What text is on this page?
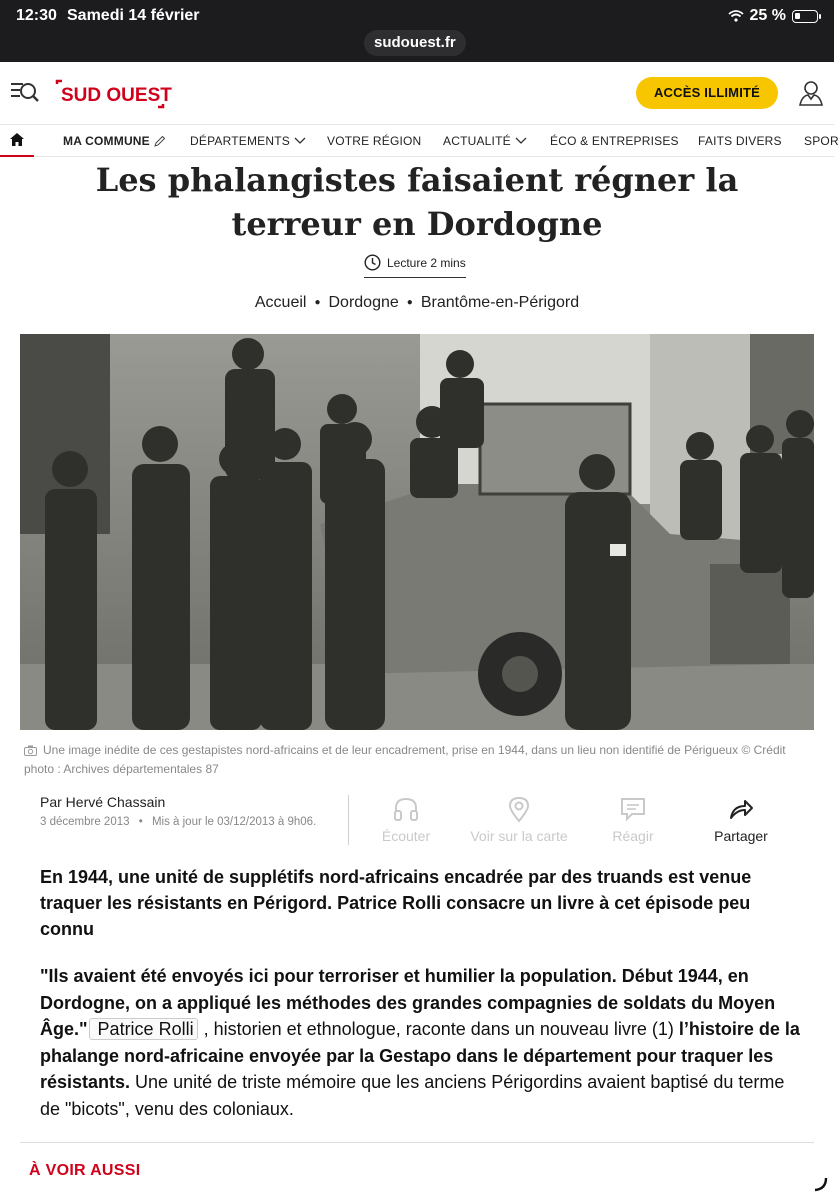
12:30 Samedi 14 février	25 %
sudouest.fr
SUD OUEST	ACCÈS ILLIMITÉ
MA COMMUNE	DÉPARTEMENTS	VOTRE RÉGION ACTUALITÉ	ÉCO & ENTREPRISES FAITS DIVERS SPOR
Les phalangistes faisaient régner la terreur en Dordogne
Lecture 2 mins
Accueil ● Dordogne ● Brantôme-en-Périgord
Une image inédite de ces gestapistes nord-africains et de leur encadrement, prise en 1944, dans un lieu non identifié de Périgueux © Crédit photo : Archives départementales 87
Par Hervé Chassain
3 décembre 2013 • Mis à jour le 03/12/2013 à 9h06.
Écouter	Voir sur la carte	Réagir	Partager

En 1944, une unité de supplétifs nord-africains encadrée par des truands est venue traquer les résistants en Périgord. Patrice Rolli consacre un livre à cet épisode peu connu

"Ils avaient été envoyés ici pour terroriser et humilier la population. Début 1944, en Dordogne, on a appliqué les méthodes des grandes compagnies de soldats du Moyen Âge." Patrice Rolli , historien et ethnologue, raconte dans un nouveau livre (1) l’histoire de la phalange nord-africaine envoyée par la Gestapo dans le département pour traquer les résistants. Une unité de triste mémoire que les anciens Périgordins avaient baptisé du terme de "bicots", venu des coloniaux.

À VOIR AUSSI
